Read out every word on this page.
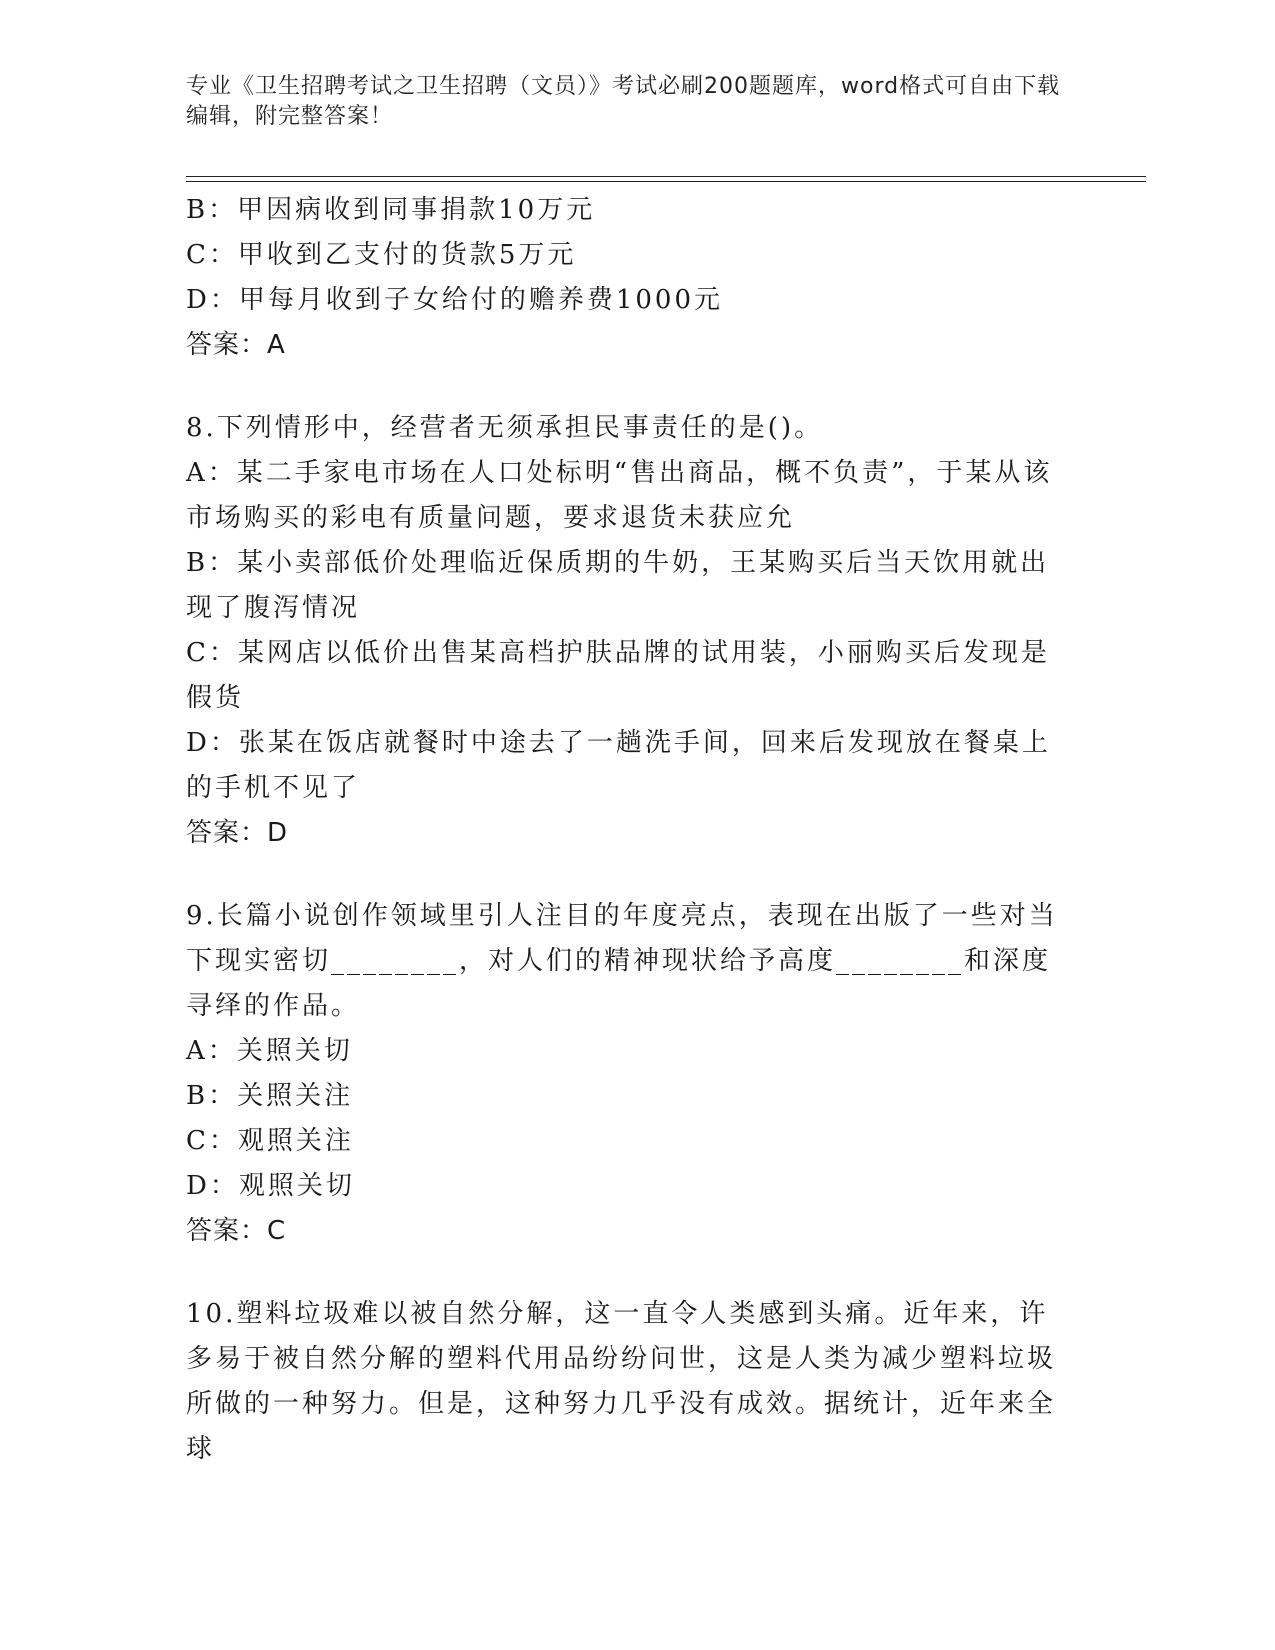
专业《卫生招聘考试之卫生招聘（文员）》考试必刷200题题库，word格式可自由下载编辑，附完整答案！

B：甲因病收到同事捐款10万元

C：甲收到乙支付的货款5万元

D：甲每月收到子女给付的赡养费1000元

答案：A

8.下列情形中，经营者无须承担民事责任的是()。

A：某二手家电市场在人口处标明“售出商品，概不负责”，于某从该市场购买的彩电有质量问题，要求退货未获应允

B：某小卖部低价处理临近保质期的牛奶，王某购买后当天饮用就出现了腹泻情况

C：某网店以低价出售某高档护肤品牌的试用装，小丽购买后发现是假货

D：张某在饭店就餐时中途去了一趟洗手间，回来后发现放在餐桌上的手机不见了

答案：D

9.长篇小说创作领域里引人注目的年度亮点，表现在出版了一些对当下现实密切________，对人们的精神现状给予高度________和深度寻绎的作品。

A：关照关切

B：关照关注

C：观照关注

D：观照关切

答案：C

10.塑料垃圾难以被自然分解，这一直令人类感到头痛。近年来，许多易于被自然分解的塑料代用品纷纷问世，这是人类为减少塑料垃圾所做的一种努力。但是，这种努力几乎没有成效。据统计，近年来全球
